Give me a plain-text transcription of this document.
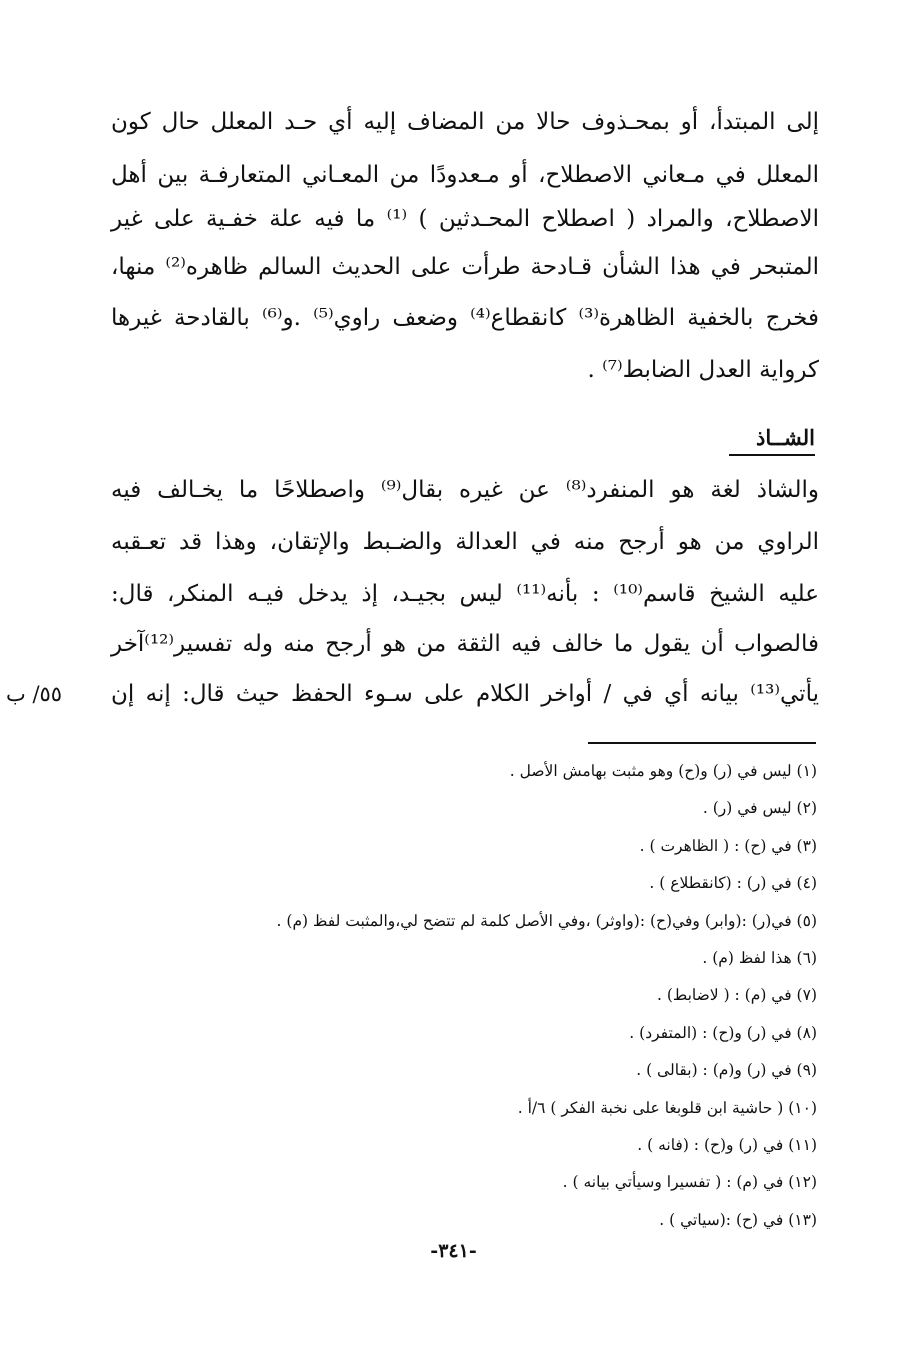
إلى المبتدأ، أو بمحـذوف حالا من المضاف إليه أي حـد المعلل حال كون
المعلل في مـعاني الاصطلاح، أو مـعدودًا من المعـاني المتعارفـة بين أهل
الاصطلاح، والمراد ( اصطلاح المحـدثين ) ⁽¹⁾ ما فيه علة خفـية على غير
المتبحر في هذا الشأن قـادحة طرأت على الحديث السالم ظاهره⁽²⁾ منها،
فخرج بالخفية الظاهرة⁽³⁾ كانقطاع⁽⁴⁾ وضعف راوي⁽⁵⁾ .و⁽⁶⁾ بالقادحة غيرها
كرواية العدل الضابط⁽⁷⁾ .
الشــاذ
والشاذ لغة هو المنفرد⁽⁸⁾ عن غيره بقال⁽⁹⁾ واصطلاحًا ما يخـالف فيه
الراوي من هو أرجح منه في العدالة والضـبط والإتقان، وهذا قد تعـقبه
عليه الشيخ قاسم⁽¹⁰⁾ : بأنه⁽¹¹⁾ ليس بجيـد، إذ يدخل فيـه المنكر، قال:
فالصواب أن يقول ما خالف فيه الثقة من هو أرجح منه وله تفسير⁽¹²⁾آخر
يأتي⁽¹³⁾ بيانه أي في / أواخر الكلام على سـوء الحفظ حيث قال: إنه إن
٥٥/ ب
(١) ليس في (ر) و(ح) وهو مثبت بهامش الأصل .
(٢) ليس في (ر) .
(٣) في (ح) : ( الظاهرت ) .
(٤) في (ر) : (كانقطلاع ) .
(٥) في(ر) :(وابر) وفي(ح) :(واوثر) ،وفي الأصل كلمة لم تتضح لي،والمثبت لفظ (م) .
(٦) هذا لفظ (م) .
(٧) في (م) : ( لاضابط) .
(٨) في (ر) و(ح) : (المتفرد) .
(٩) في (ر) و(م) : (بقالى ) .
(١٠) ( حاشية ابن قلوبغا على نخبة الفكر ) ٦/أ .
(١١) في (ر) و(ح) : (فانه ) .
(١٢) في (م) : ( تفسيرا وسيأتي بيانه ) .
(١٣) في (ح) :(سياتي ) .
-٣٤١-
